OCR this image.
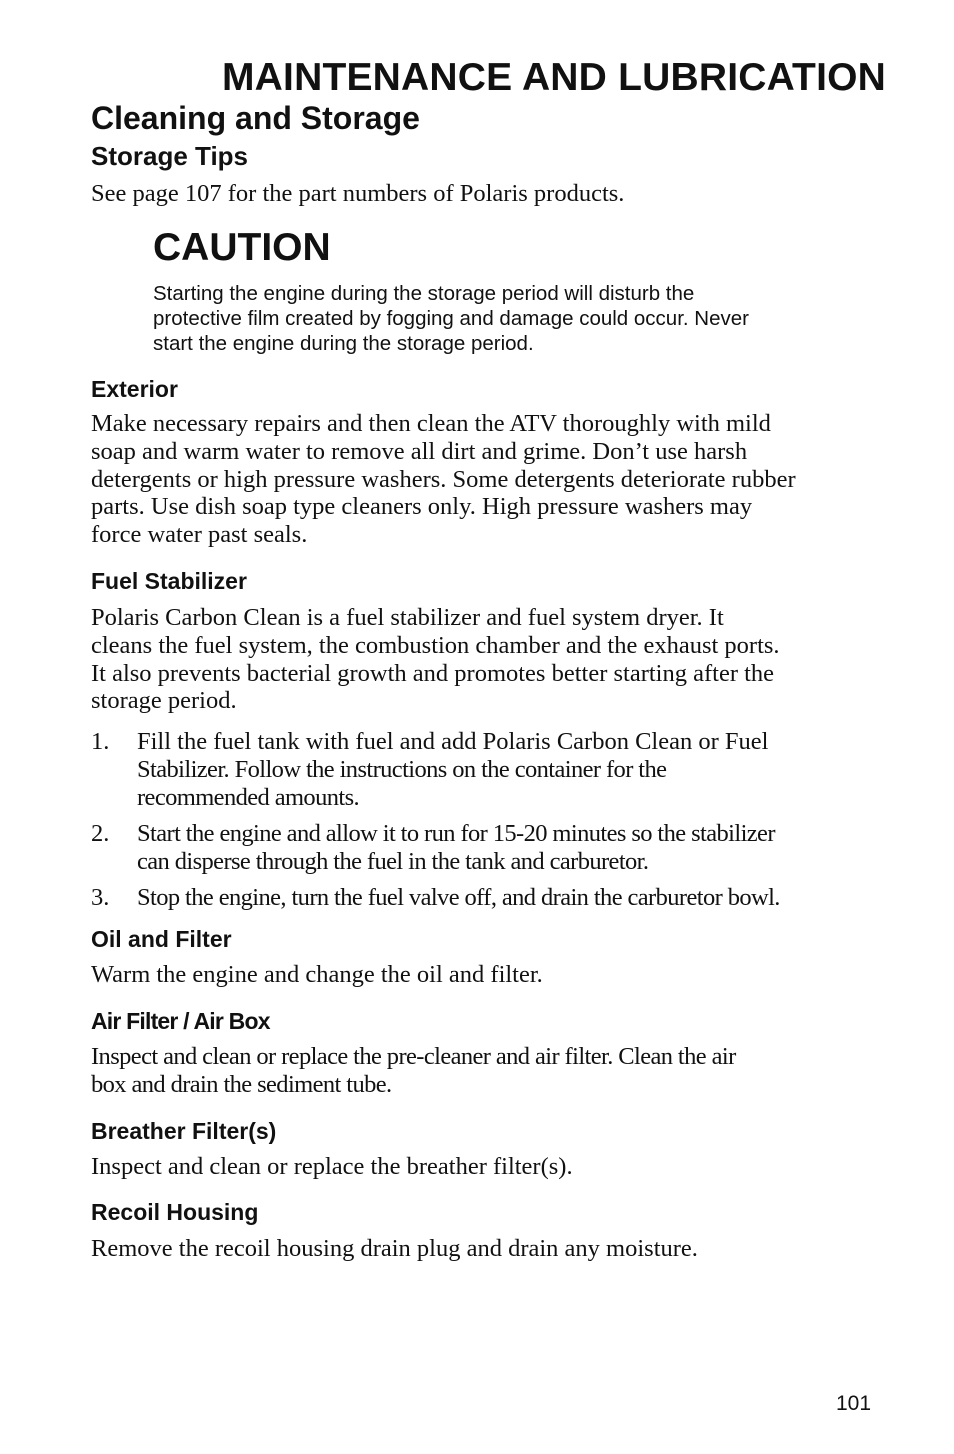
MAINTENANCE AND LUBRICATION
Cleaning and Storage
Storage Tips

See page 107 for the part numbers of Polaris products.

CAUTION
Starting the engine during the storage period will disturb the
protective film created by fogging and damage could occur. Never
start the engine during the storage period.
Exterior
Make necessary repairs and then clean the ATV thoroughly with mild
soap and warm water to remove all dirt and grime. Don’t use harsh
detergents or high pressure washers. Some detergents deteriorate rubber
parts. Use dish soap type cleaners only. High pressure washers may
force water past seals.
Fuel Stabilizer
Polaris Carbon Clean is a fuel stabilizer and fuel system dryer. It
cleans the fuel system, the combustion chamber and the exhaust ports.
It also prevents bacterial growth and promotes better starting after the
storage period.
1. Fill the fuel tank with fuel and add Polaris Carbon Clean or Fuel
Stabilizer. Follow the instructions on the container for the
recommended amounts.
2. Start the engine and allow it to run for 15-20 minutes so the stabilizer
can disperse through the fuel in the tank and carburetor.
3. Stop the engine, turn the fuel valve off, and drain the carburetor bowl.
Oil and Filter

Warm the engine and change the oil and filter.

Air Filter / Air Box
Inspect and clean or replace the pre-cleaner and air filter. Clean the air
box and drain the sediment tube.
Breather Filter(s)

Inspect and clean or replace the breather filter(s).

Recoil Housing

Remove the recoil housing drain plug and drain any moisture.

101
